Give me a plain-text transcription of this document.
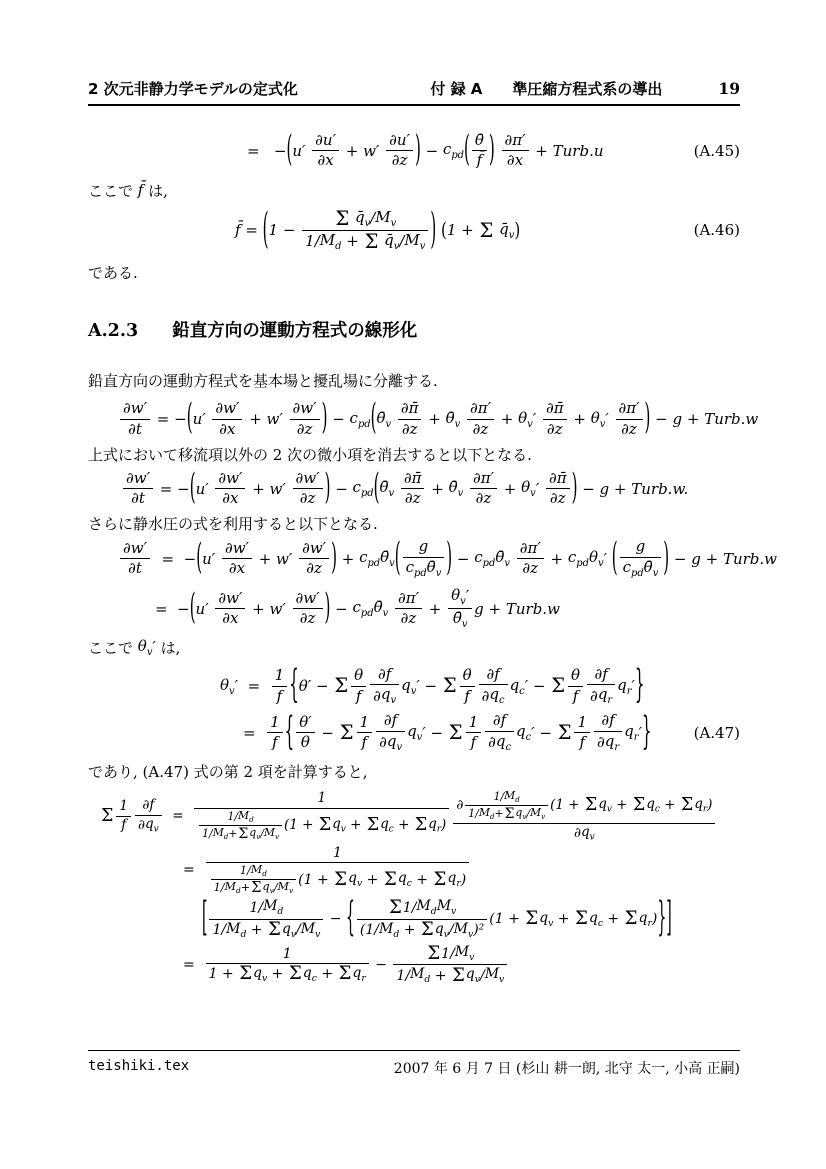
2 次元非静力学モデルの定式化	付 録 A　　準圧縮方程式系の導出	19
=   − ( $u' \frac{\partial u'}{\partial x} + w' \frac{\partial u'}{\partial z}$ ) − $c_{pd}$ ( $\frac{\thetā}{f̄}$ )
$\frac{\partial\pi'}{\partial x}$ + Turb.u	(A.45)
ここで f̄ は,
f̄ = ( 1 − Σ
$q̄_v / M_v$
1/ $M_d + \Sigma$
$q̄_v / M_v$ )
( 1 + Σ
$q̄_v$ )	(A.46)

である.

A.2.3 鉛直方向の運動方程式の線形化

鉛直方向の運動方程式を基本場と擾乱場に分離する.

$\frac{\partial w'}{\partial t}$ = − ( $u' \frac{\partial w'}{\partial x} + w' \frac{\partial w'}{\partial z}$ ) − $c_{pd}$ ( $\thetā_v$
$\frac{\partial\pī}{\partial z}$ + $\thetā_v$
$\frac{\partial\pi'}{\partial z} + \theta_v$ ′ $\frac{\partial\pī}{\partial z} + \theta_v$ ′ $\frac{\partial\pi'}{\partial z}$ ) − g + Turb.w

上式において移流項以外の 2 次の微小項を消去すると以下となる.

$\frac{\partial w'}{\partial t}$ = − ( $u' \frac{\partial w'}{\partial x} + w' \frac{\partial w'}{\partial z}$ ) − $c_{pd}$ ( $\thetā_v$
$\frac{\partial\pī}{\partial z}$ + $\thetā_v$
$\frac{\partial\pi'}{\partial z} + \theta_v$ ′ $\frac{\partial\pī}{\partial z}$ ) − g + Turb.w.

さらに静水圧の式を利用すると以下となる.

$\frac{\partial w'}{\partial t}$ =  − ( $u' \frac{\partial w'}{\partial x} + w' \frac{\partial w'}{\partial z}$ ) + $c_{pd}$ $\thetā_v$ ( $\frac{g}{c_{pd} \thetā_v}$ ) − $c_{pd}$ $\thetā_v$
$\frac{\partial\pi'}{\partial z} + c_{pd}$ $\theta_v$ ′ ( $\frac{g}{c_{pd} \thetā_v}$ ) − g + Turb.w
=  − ( $u' \frac{\partial w'}{\partial x} + w' \frac{\partial w'}{\partial z}$ ) − $c_{pd}$ $\thetā_v$
$\frac{\partial\pi'}{\partial z} + \frac{\theta_v '}{\thetā_v}$ g + Turb.w
ここで $\theta_v$ ′ は,
$\theta_v$ ′  = $\frac{1}{f}$ { θ′ − Σ $\frac{\theta}{f} \frac{\partial f}{\partial q_v} q_v$ ′ − Σ $\frac{\theta}{f} \frac{\partial f}{\partial q_c} q_c$ ′ − Σ $\frac{\theta}{f} \frac{\partial f}{\partial q_r} q_r$ ′ }
= $\frac{1}{f}$ { $\frac{\theta'}{\theta} - \Sigma \frac{1}{f} \frac{\partial f}{\partial q_v} q_v$ ′ − Σ $\frac{1}{f} \frac{\partial f}{\partial q_c} q_c$ ′ − Σ $\frac{1}{f} \frac{\partial f}{\partial q_r} q_r$ ′ }	(A.47)

であり, (A.47) 式の第 2 項を計算すると,

Σ $\frac{1}{f} \frac{\partial f}{\partial q_v} = \frac{1}{\frac{1/ M_d}{1/ M_d + \Sigma q_v / M_v} (1 + \Sigma q_v + \Sigma q_c + \Sigma q_r )} \frac{\partial \frac{1/ M_d}{1/ M_d + \Sigma q_v / M_v} (1 + \Sigma q_v + \Sigma q_c + \Sigma q_r )}{\partial q_v}$
= $\frac{1}{\frac{1/ M_d}{1/ M_d + \Sigma q_v / M_v} (1 + \Sigma q_v + \Sigma q_c + \Sigma q_r )}$
[ $\frac{1/ M_d}{1/ M_d + \Sigma q_v / M_v}$ − { $\frac{\Sigma 1/ M_d M_v}{(1/ M_d + \Sigma q_v / M_v )^2} (1 + \Sigma$ $q_v + \Sigma$ $q_c + \Sigma$ $q_r$ ) } ]
= $\frac{1}{1 + \Sigma q_v + \Sigma q_c + \Sigma q_r} - \frac{\Sigma 1/ M_v}{1/ M_d + \Sigma q_v / M_v}$
teishiki.tex	2007 年 6 月 7 日 (杉山 耕一朗, 北守 太一, 小高 正嗣)
